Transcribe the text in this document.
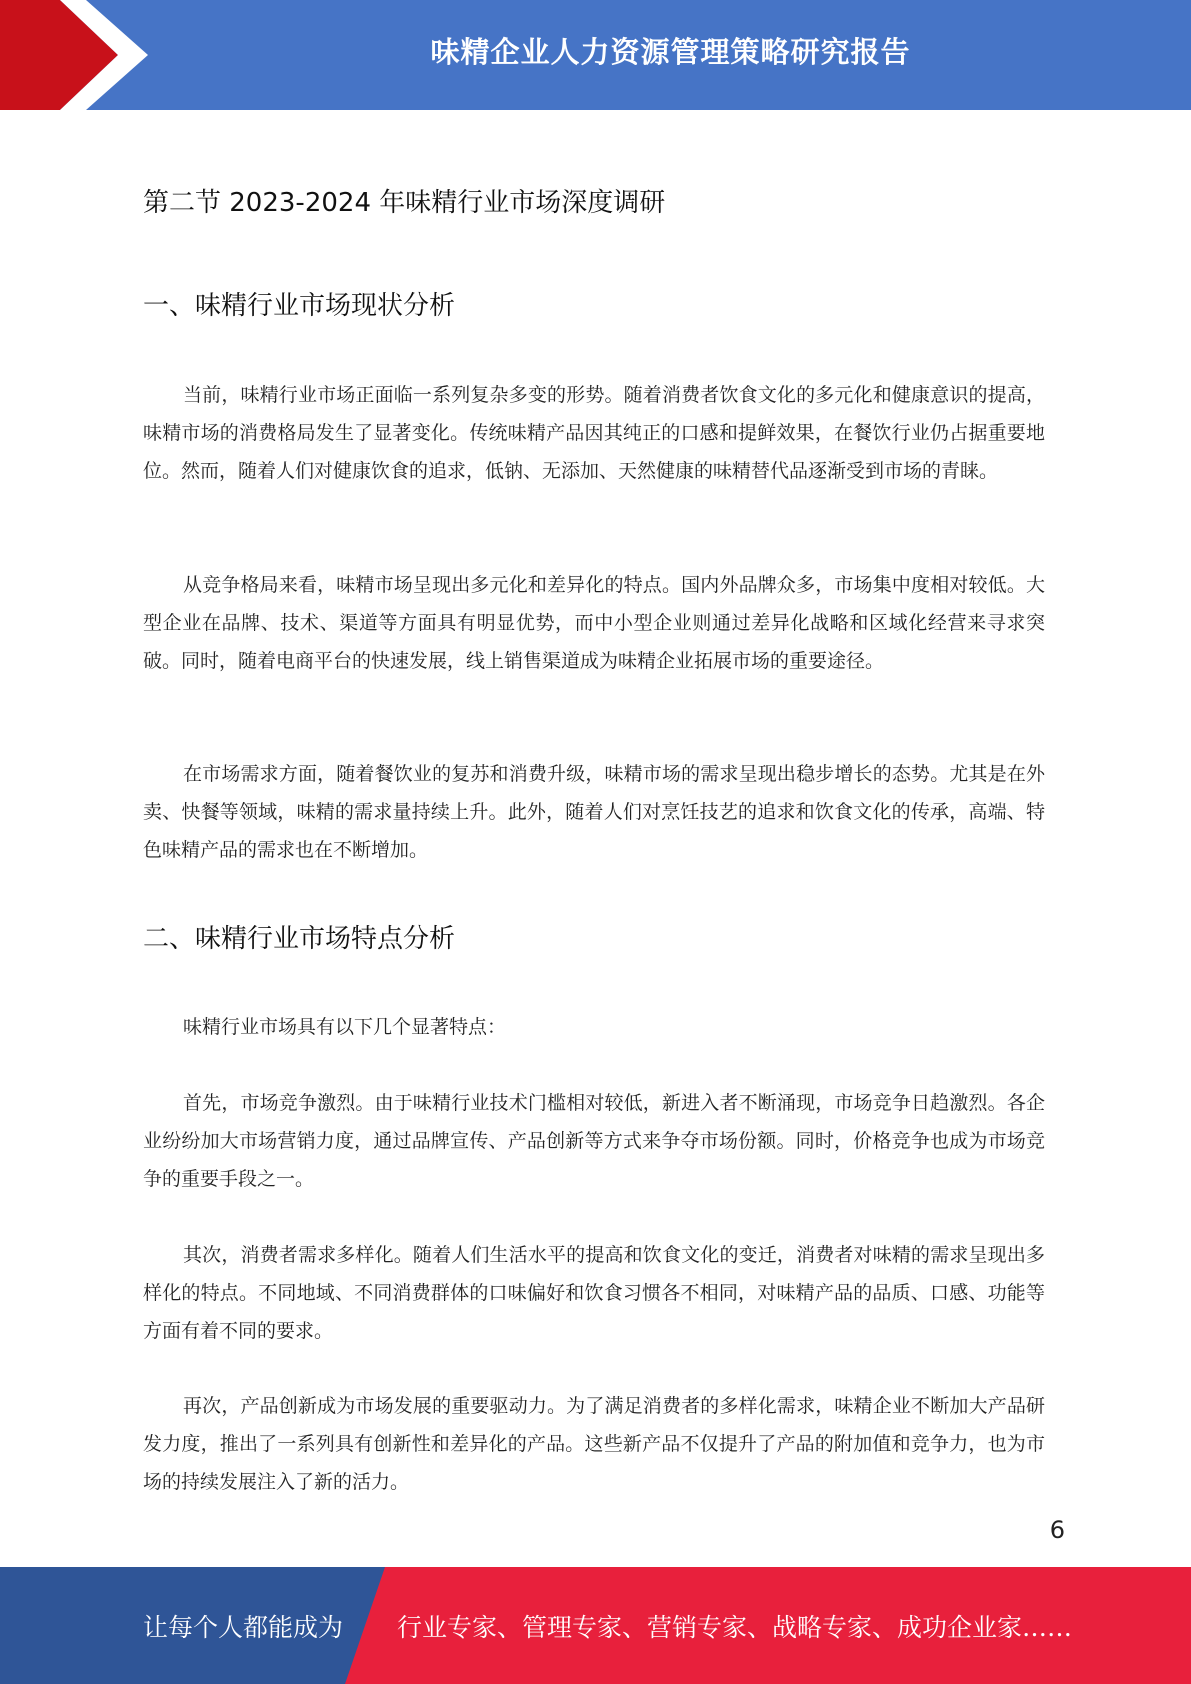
味精企业人力资源管理策略研究报告
第二节 2023-2024 年味精行业市场深度调研
一、味精行业市场现状分析

当前，味精行业市场正面临一系列复杂多变的形势。随着消费者饮食文化的多元化和健康意识的提高，味精市场的消费格局发生了显著变化。传统味精产品因其纯正的口感和提鲜效果，在餐饮行业仍占据重要地位。然而，随着人们对健康饮食的追求，低钠、无添加、天然健康的味精替代品逐渐受到市场的青睐。

从竞争格局来看，味精市场呈现出多元化和差异化的特点。国内外品牌众多，市场集中度相对较低。大型企业在品牌、技术、渠道等方面具有明显优势，而中小型企业则通过差异化战略和区域化经营来寻求突破。同时，随着电商平台的快速发展，线上销售渠道成为味精企业拓展市场的重要途径。

在市场需求方面，随着餐饮业的复苏和消费升级，味精市场的需求呈现出稳步增长的态势。尤其是在外卖、快餐等领域，味精的需求量持续上升。此外，随着人们对烹饪技艺的追求和饮食文化的传承，高端、特色味精产品的需求也在不断增加。

二、味精行业市场特点分析

味精行业市场具有以下几个显著特点：

首先，市场竞争激烈。由于味精行业技术门槛相对较低，新进入者不断涌现，市场竞争日趋激烈。各企业纷纷加大市场营销力度，通过品牌宣传、产品创新等方式来争夺市场份额。同时，价格竞争也成为市场竞争的重要手段之一。

其次，消费者需求多样化。随着人们生活水平的提高和饮食文化的变迁，消费者对味精的需求呈现出多样化的特点。不同地域、不同消费群体的口味偏好和饮食习惯各不相同，对味精产品的品质、口感、功能等方面有着不同的要求。

再次，产品创新成为市场发展的重要驱动力。为了满足消费者的多样化需求，味精企业不断加大产品研发力度，推出了一系列具有创新性和差异化的产品。这些新产品不仅提升了产品的附加值和竞争力，也为市场的持续发展注入了新的活力。

6
让每个人都能成为 行业专家、管理专家、营销专家、战略专家、成功企业家……
